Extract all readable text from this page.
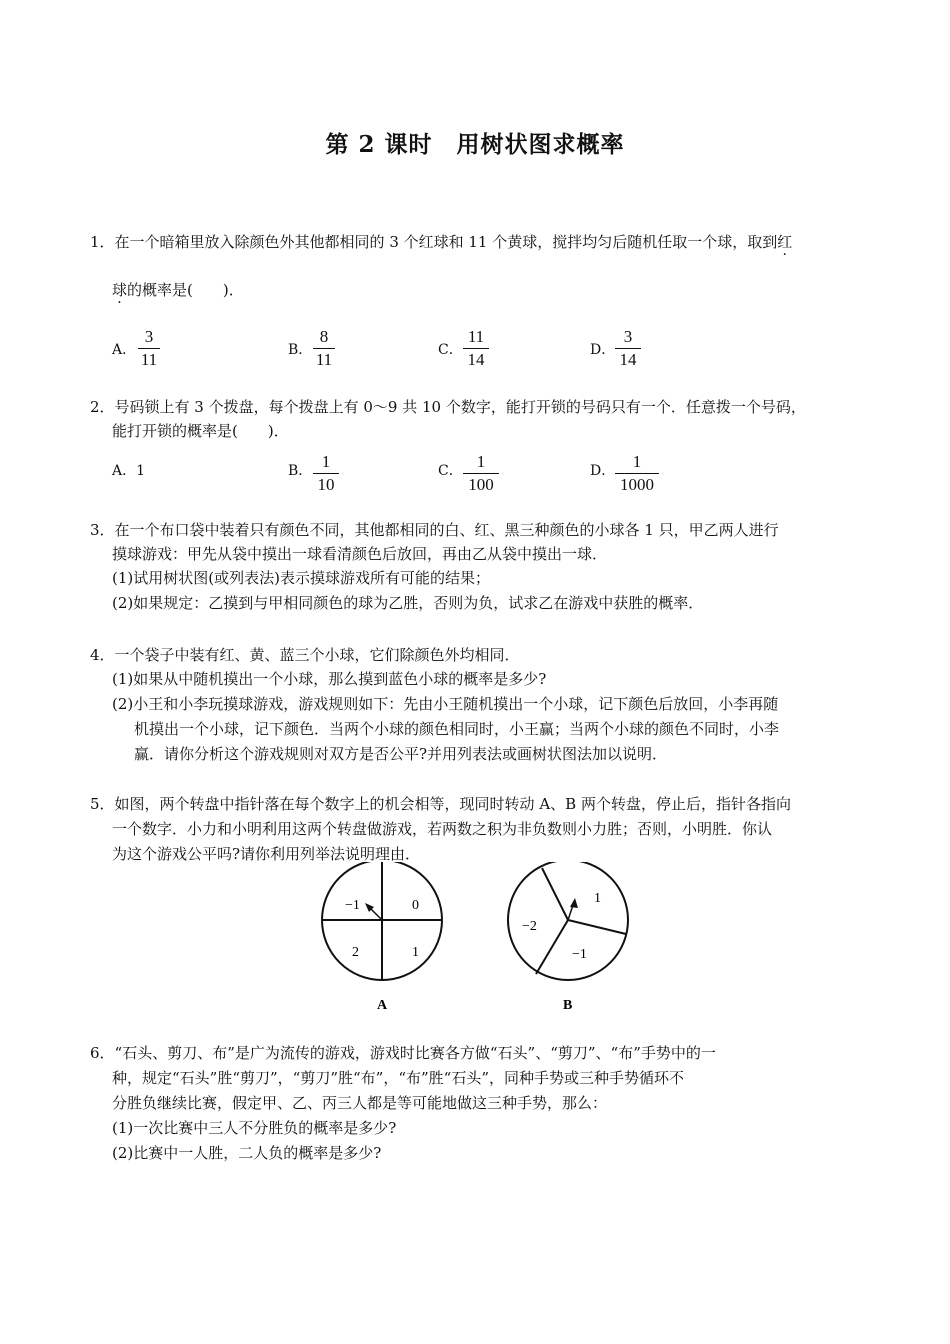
第 2 课时　用树状图求概率
1．在一个暗箱里放入除颜色外其他都相同的 3 个红球和 11 个黄球，搅拌均匀后随机任取一个球，取到红
球的概率是(　　)．
A．
3
11	B．
8
11	C．
11
14	D．
3
14
2．号码锁上有 3 个拨盘，每个拨盘上有 0～9 共 10 个数字，能打开锁的号码只有一个．任意拨一个号码，
能打开锁的概率是(　　)．
A．1	B． 1
10
C． 1
100
D．	1
1000
3．在一个布口袋中装着只有颜色不同，其他都相同的白、红、黑三种颜色的小球各 1 只，甲乙两人进行
摸球游戏：甲先从袋中摸出一球看清颜色后放回，再由乙从袋中摸出一球．
(1)试用树状图(或列表法)表示摸球游戏所有可能的结果；
(2)如果规定：乙摸到与甲相同颜色的球为乙胜，否则为负，试求乙在游戏中获胜的概率．
4．一个袋子中装有红、黄、蓝三个小球，它们除颜色外均相同．
(1)如果从中随机摸出一个小球，那么摸到蓝色小球的概率是多少?
(2)小王和小李玩摸球游戏，游戏规则如下：先由小王随机摸出一个小球，记下颜色后放回，小李再随
机摸出一个小球，记下颜色．当两个小球的颜色相同时，小王赢；当两个小球的颜色不同时，小李
赢．请你分析这个游戏规则对双方是否公平?并用列表法或画树状图法加以说明．
5．如图，两个转盘中指针落在每个数字上的机会相等，现同时转动 A、B 两个转盘，停止后，指针各指向
一个数字．小力和小明利用这两个转盘做游戏，若两数之积为非负数则小力胜；否则，小明胜．你认
为这个游戏公平吗?请你利用列举法说明理由．
−1	0
2	1
A
1
−2
−1
B
6．“石头、剪刀、布”是广为流传的游戏，游戏时比赛各方做“石头”、“剪刀”、“布”手势中的一
种，规定“石头”胜“剪刀”，“剪刀”胜“布”，“布”胜“石头”，同种手势或三种手势循环不
分胜负继续比赛，假定甲、乙、丙三人都是等可能地做这三种手势，那么：
(1)一次比赛中三人不分胜负的概率是多少?
(2)比赛中一人胜，二人负的概率是多少?
